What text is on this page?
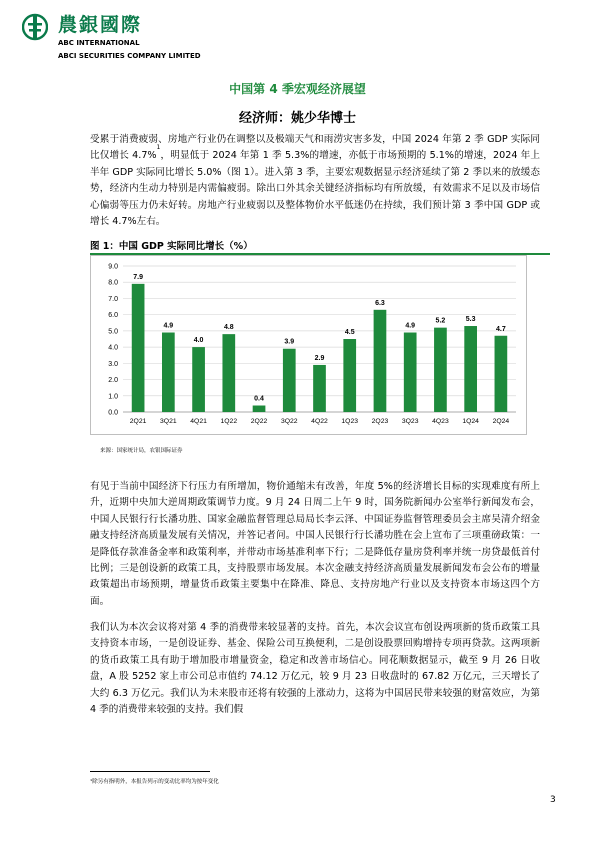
農銀國際
ABC INTERNATIONAL
ABCI SECURITIES COMPANY LIMITED
中国第 4 季宏观经济展望
经济师：姚少华博士

受累于消费疲弱、房地产行业仍在调整以及极端天气和雨涝灾害多发，中国 2024 年第 2 季 GDP 实际同比仅增长 4.7%$^1$，明显低于 2024 年第 1 季 5.3%的增速，亦低于市场预期的 5.1%的增速，2024 年上半年 GDP 实际同比增长 5.0%（图 1）。进入第 3 季，主要宏观数据显示经济延续了第 2 季以来的放缓态势，经济内生动力特别是内需偏疲弱。除出口外其余关键经济指标均有所放缓，有效需求不足以及市场信心偏弱等压力仍未好转。房地产行业疲弱以及整体物价水平低迷仍在持续，我们预计第 3 季中国 GDP 或增长 4.7%左右。

图 1：中国 GDP 实际同比增长（%）
0.0
1.0
2.0
3.0
4.0
5.0
6.0
7.0
8.0
9.0
7.9
2Q21
4.9
3Q21
4.0
4Q21
4.8
1Q22
0.4
2Q22
3.9
3Q22
2.9
4Q22
4.5
1Q23
6.3
2Q23
4.9
3Q23
5.2
4Q23
5.3
1Q24
4.7
2Q24
来源：国家统计局，农银国际证券

有见于当前中国经济下行压力有所增加，物价通缩未有改善，年度 5%的经济增长目标的实现难度有所上升，近期中央加大逆周期政策调节力度。9 月 24 日周二上午 9 时，国务院新闻办公室举行新闻发布会，中国人民银行行长潘功胜、国家金融监督管理总局局长李云泽、中国证券监督管理委员会主席吴清介绍金融支持经济高质量发展有关情况，并答记者问。中国人民银行行长潘功胜在会上宣布了三项重磅政策：一是降低存款准备金率和政策利率，并带动市场基准利率下行；二是降低存量房贷利率并统一房贷最低首付比例；三是创设新的政策工具，支持股票市场发展。本次金融支持经济高质量发展新闻发布会公布的增量政策超出市场预期，增量货币政策主要集中在降准、降息、支持房地产行业以及支持资本市场这四个方面。

我们认为本次会议将对第 4 季的消费带来较显著的支持。首先，本次会议宣布创设两项新的货币政策工具支持资本市场，一是创设证券、基金、保险公司互换便利，二是创设股票回购增持专项再贷款。这两项新的货币政策工具有助于增加股市增量资金，稳定和改善市场信心。同花顺数据显示，截至 9 月 26 日收盘，A 股 5252 家上市公司总市值约 74.12 万亿元，较 9 月 23 日收盘时的 67.82 万亿元，三天增长了大约 6.3 万亿元。我们认为未来股市还将有较强的上涨动力，这将为中国居民带来较强的财富效应，为第 4 季的消费带来较强的支持。我们假

¹除另有指明外，本报告列示的变动比率均为按年变化
3
